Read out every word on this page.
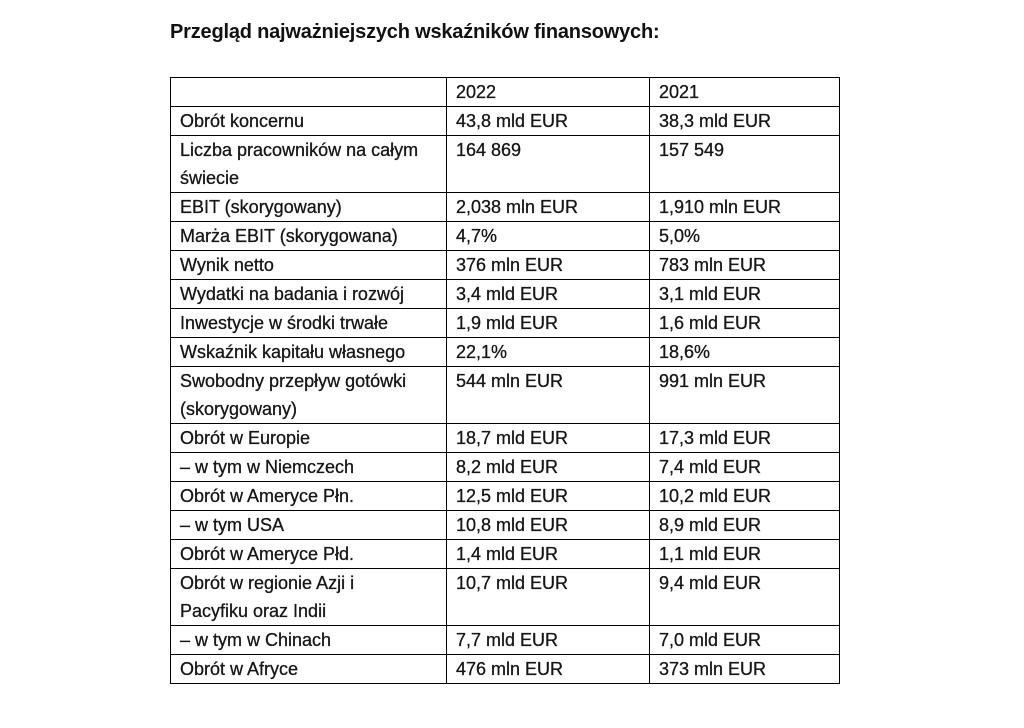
Przegląd najważniejszych wskaźników finansowych:
	2022	2021
Obrót koncernu	43,8 mld EUR	38,3 mld EUR
Liczba pracowników na całym świecie	164 869	157 549
EBIT (skorygowany)	2,038 mln EUR	1,910 mln EUR
Marża EBIT (skorygowana)	4,7%	5,0%
Wynik netto	376 mln EUR	783 mln EUR
Wydatki na badania i rozwój	3,4 mld EUR	3,1 mld EUR
Inwestycje w środki trwałe	1,9 mld EUR	1,6 mld EUR
Wskaźnik kapitału własnego	22,1%	18,6%
Swobodny przepływ gotówki (skorygowany)	544 mln EUR	991 mln EUR
Obrót w Europie	18,7 mld EUR	17,3 mld EUR
– w tym w Niemczech	8,2 mld EUR	7,4 mld EUR
Obrót w Ameryce Płn.	12,5 mld EUR	10,2 mld EUR
– w tym USA	10,8 mld EUR	8,9 mld EUR
Obrót w Ameryce Płd.	1,4 mld EUR	1,1 mld EUR
Obrót w regionie Azji i Pacyfiku oraz Indii	10,7 mld EUR	9,4 mld EUR
– w tym w Chinach	7,7 mld EUR	7,0 mld EUR
Obrót w Afryce	476 mln EUR	373 mln EUR
